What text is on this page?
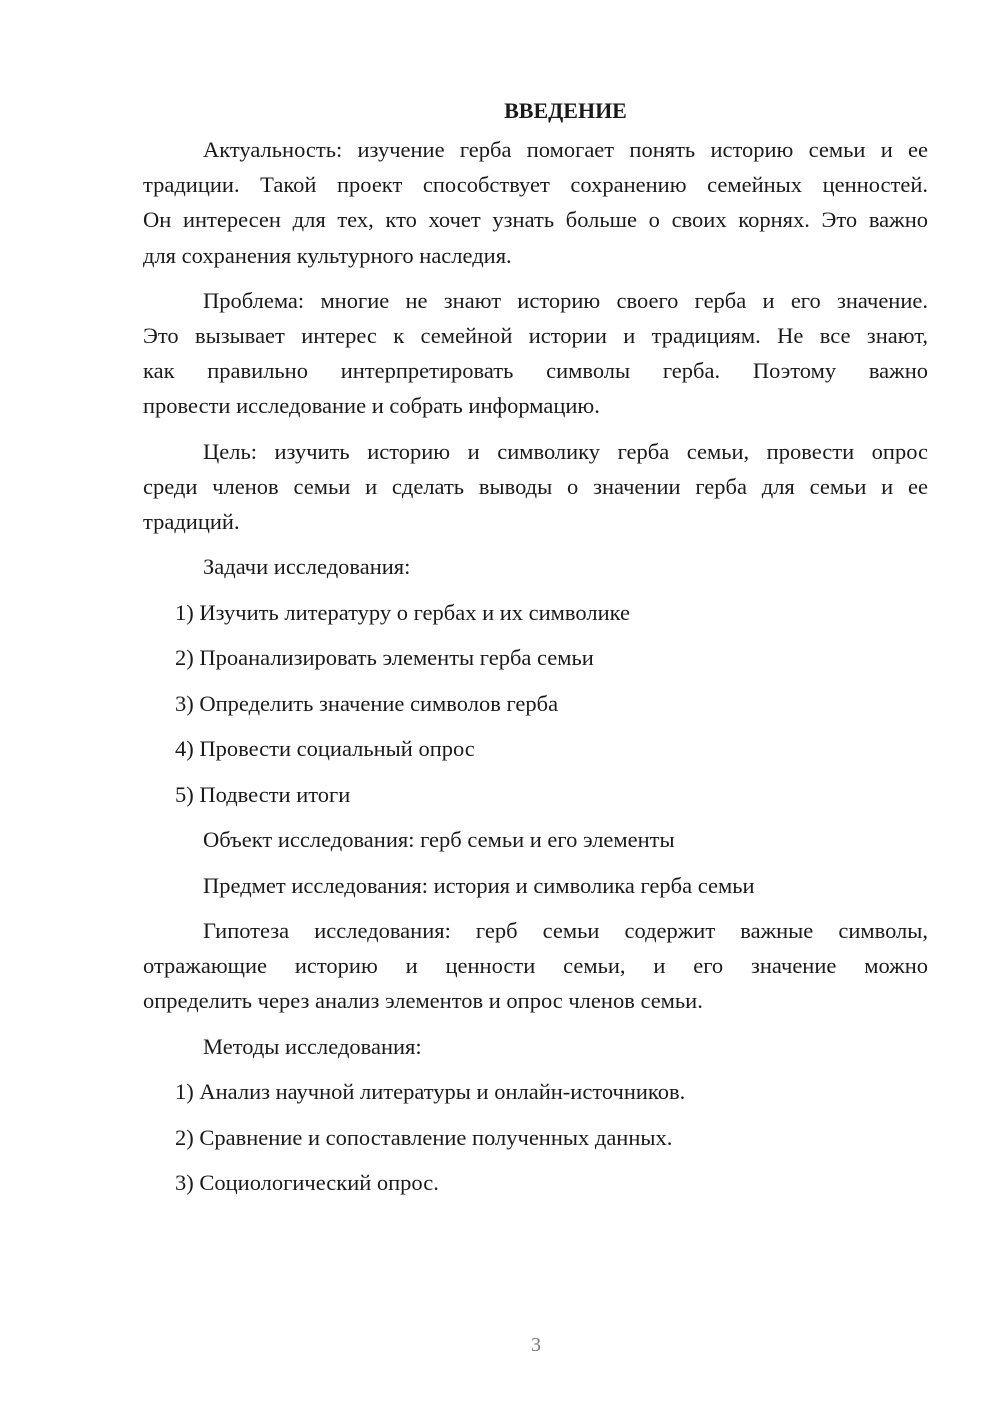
ВВЕДЕНИЕ
Актуальность: изучение герба помогает понять историю семьи и ее
традиции. Такой проект способствует сохранению семейных ценностей.
Он интересен для тех, кто хочет узнать больше о своих корнях. Это важно
для сохранения культурного наследия.
Проблема: многие не знают историю своего герба и его значение.
Это вызывает интерес к семейной истории и традициям. Не все знают,
как правильно интерпретировать символы герба. Поэтому важно
провести исследование и собрать информацию.
Цель: изучить историю и символику герба семьи, провести опрос
среди членов семьи и сделать выводы о значении герба для семьи и ее
традиций.
Задачи исследования:
1) Изучить литературу о гербах и их символике
2) Проанализировать элементы герба семьи
3) Определить значение символов герба
4) Провести социальный опрос
5) Подвести итоги
Объект исследования: герб семьи и его элементы
Предмет исследования: история и символика герба семьи
Гипотеза исследования: герб семьи содержит важные символы,
отражающие историю и ценности семьи, и его значение можно
определить через анализ элементов и опрос членов семьи.
Методы исследования:
1) Анализ научной литературы и онлайн-источников.
2) Сравнение и сопоставление полученных данных.
3) Социологический опрос.
3
